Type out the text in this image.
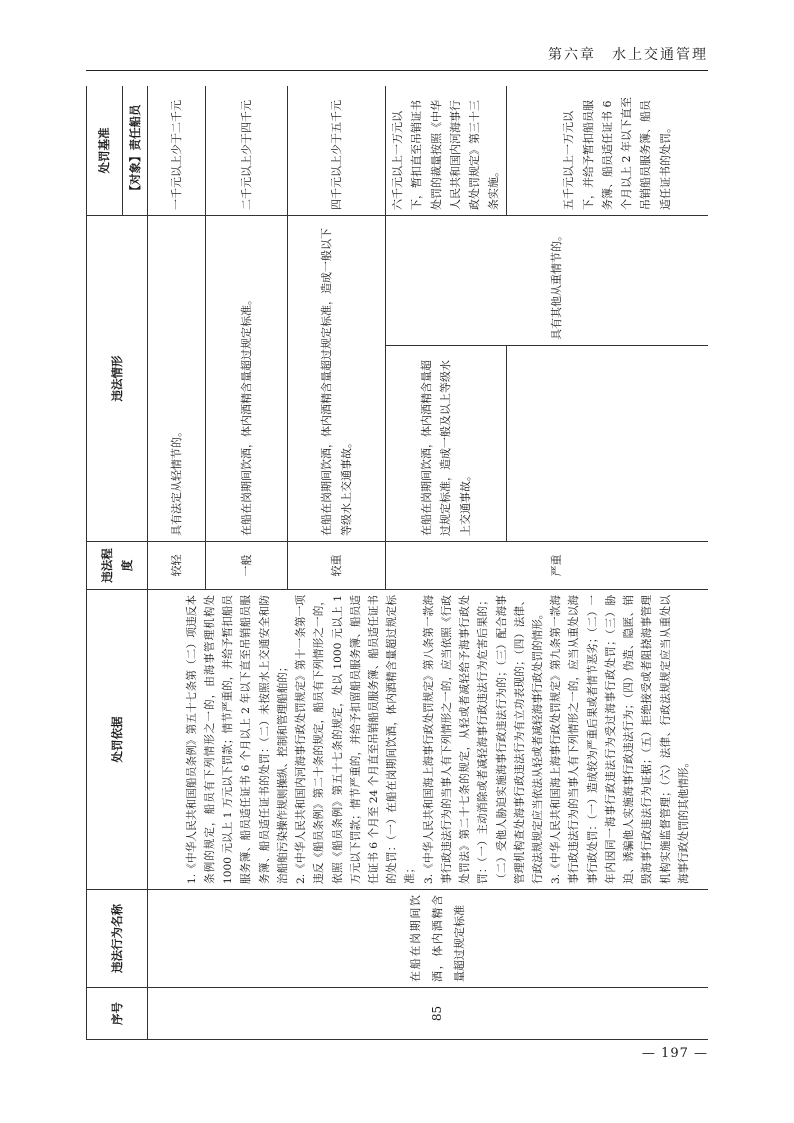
第六章　水上交通管理
序号	违法行为名称	处罚依据	违法程度	违法情形		处罚基准
						【对象】责任船员
85	在船在岗期间饮酒，体内酒精含量超过规定标准	1.《中华人民共和国船员条例》第五十七条第（二）项违反本条例的规定，船员有下列情形之一的，由海事管理机构处 1000 元以上 1 万元以下罚款；情节严重的，并给予暂扣船员服务簿、船员适任证书 6 个月以上 2 年以下直至吊销船员服务簿、船员适任证书的处罚：（二）未按照水上交通安全和防治船舶污染操作规则操纵、控制和管理船舶的； 2.《中华人民共和国内河海事行政处罚规定》第十一条第一项违反《船员条例》第二十条的规定，船员有下列情形之一的，依照《船员条例》第五十七条的规定，处以 1000 元以上 1 万元以下罚款；情节严重的，并给予扣留船员服务簿、船员适任证书 6 个月至 24 个月直至吊销船员服务簿、船员适任证书的处罚：（一）在船在岗期间饮酒，体内酒精含量超过规定标准； 3.《中华人民共和国海上海事行政处罚规定》第八条第一款海事行政违法行为的当事人有下列情形之一的，应当依照《行政处罚法》第二十七条的规定，从轻或者减轻给予海事行政处罚：（一）主动消除或者减轻海事行政违法行为危害后果的；（二）受他人胁迫实施海事行政违法行为的；（三）配合海事管理机构查处海事行政违法行为有立功表现的；（四）法律、行政法规规定应当依法从轻或者减轻海事行政处罚的情形。 3.《中华人民共和国海上海事行政处罚规定》第九条第一款海事行政违法行为的当事人有下列情形之一的，应当从重处以海事行政处罚：（一）造成较为严重后果或者情节恶劣；（二）一年内因同一海事行政违法行为受过海事行政处罚；（三）胁迫、诱骗他人实施海事行政违法行为；（四）伪造、隐匿、销毁海事行政违法行为证据；（五）拒绝接受或者阻挠海事管理机构实施监督管理；（六）法律、行政法规规定应当从重处以海事行政处罚的其他情形。	较轻	具有法定从轻情节的。		一千元以上少于二千元
			一般	在船在岗期间饮酒，体内酒精含量超过规定标准。		二千元以上少于四千元
			较重	在船在岗期间饮酒，体内酒精含量超过规定标准，造成一般以下等级水上交通事故。		四千元以上少于五千元
			严重	在船在岗期间饮酒，体内酒精含量超过规定标准，造成一般及以上等级水上交通事故。	具有其他从重情节的。	六千元以上一万元以下，暂扣直至吊销证书处罚的裁量按照《中华人民共和国内河海事行政处罚规定》第三十三条实施。
						五千元以上一万元以下，并给予暂扣船员服务簿、船员适任证书 6 个月以上 2 年以下直至吊销船员服务簿、船员适任证书的处罚。
— 197 —
